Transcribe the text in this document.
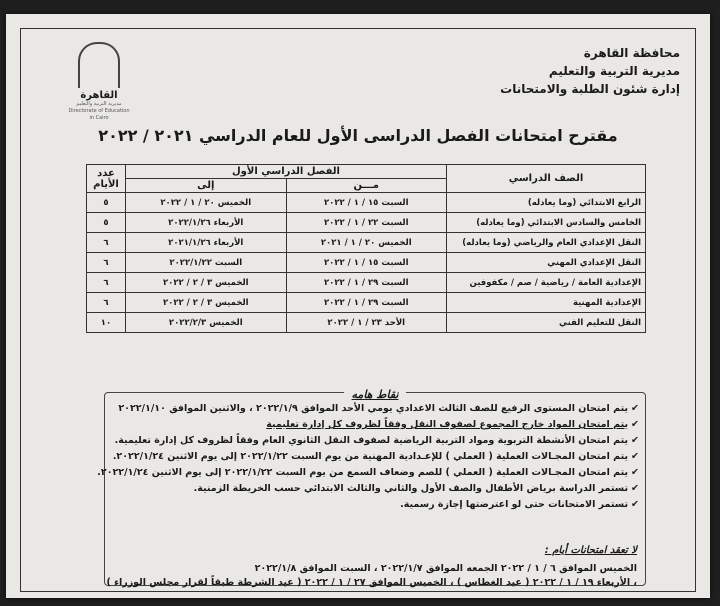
محافظة القاهرة
مديرية التربية والتعليم
إدارة شئون الطلبة والامتحانات
القاهرة
مديرية التربية والتعليم
Directorate of Education in Cairo
مقترح امتحانات الفصل الدراسى الأول للعام الدراسي ٢٠٢١ / ٢٠٢٢
الصف الدراسي	الفصل الدراسي الأول		عدد الأيام
	مـــن	إلى	
الرابع الابتدائي (وما يعادله)	السبت ١٥ / ١ / ٢٠٢٢	الخميس ٢٠ / ١ / ٢٠٢٢	٥
الخامس والسادس الابتدائي (وما يعادله)	السبت ٢٢ / ١ / ٢٠٢٢	الأربعاء ٢٠٢٢/١/٢٦	٥
النقل الإعدادي العام والرياضي (وما يعادله)	الخميس ٢٠ / ١ / ٢٠٢١	الأربعاء ٢٠٢١/١/٢٦	٦
النقل الإعدادي المهني	السبت ١٥ / ١ / ٢٠٢٢	السبت ٢٠٢٢/١/٢٢	٦
الإعدادية العامة / رياضية / صم / مكفوفين	السبت ٢٩ / ١ / ٢٠٢٢	الخميس ٣ / ٢ / ٢٠٢٢	٦
الإعدادية المهنية	السبت ٢٩ / ١ / ٢٠٢٢	الخميس ٣ / ٢ / ٢٠٢٢	٦
النقل للتعليم الفني	الأحد ٢٣ / ١ / ٢٠٢٢	الخميس ٢٠٢٢/٢/٣	١٠
نقاط هامه
✔يتم امتحان المستوى الرفيع للصف الثالث الاعدادي يومي الأحد الموافق ٢٠٢٢/١/٩ ، والاثنين الموافق ٢٠٢٢/١/١٠
✔يتم امتحان المواد خارج المجموع لصفوف النقل وفقاً لظروف كل إدارة تعليمية
✔يتم امتحان الأنشطة التربوية ومواد التربية الرياضية لصفوف النقل الثانوي العام وفقاً لظروف كل إدارة تعليمية.
✔يتم امتحان المجـالات العملية ( العملي ) للإعـدادية المهنية من يوم السبت ٢٠٢٢/١/٢٢ إلى يوم الاثنين ٢٠٢٢/١/٢٤.
✔يتم امتحان المجـالات العملية ( العملي ) للصم وضعاف السمع من يوم السبت ٢٠٢٢/١/٢٢ إلى يوم الاثنين ٢٠٢٢/١/٢٤.
✔تستمر الدراسة برياض الأطفال والصف الأول والثاني والثالث الابتدائي حسب الخريطة الزمنية.
✔تستمر الامتحانات حتى لو اعترضتها إجازة رسمية.
لا تعقد امتحانات أيام :
الخميس الموافق ٦ / ١ / ٢٠٢٢ الجمعه الموافق ٢٠٢٢/١/٧ ، السبت الموافق ٢٠٢٢/١/٨
، الأربعاء ١٩ / ١ / ٢٠٢٢ ( عيد الغطاس ) ، الخميس الموافق ٢٧ / ١ / ٢٠٢٢ ( عيد الشرطة طبقاً لقرار مجلس الوزراء )
